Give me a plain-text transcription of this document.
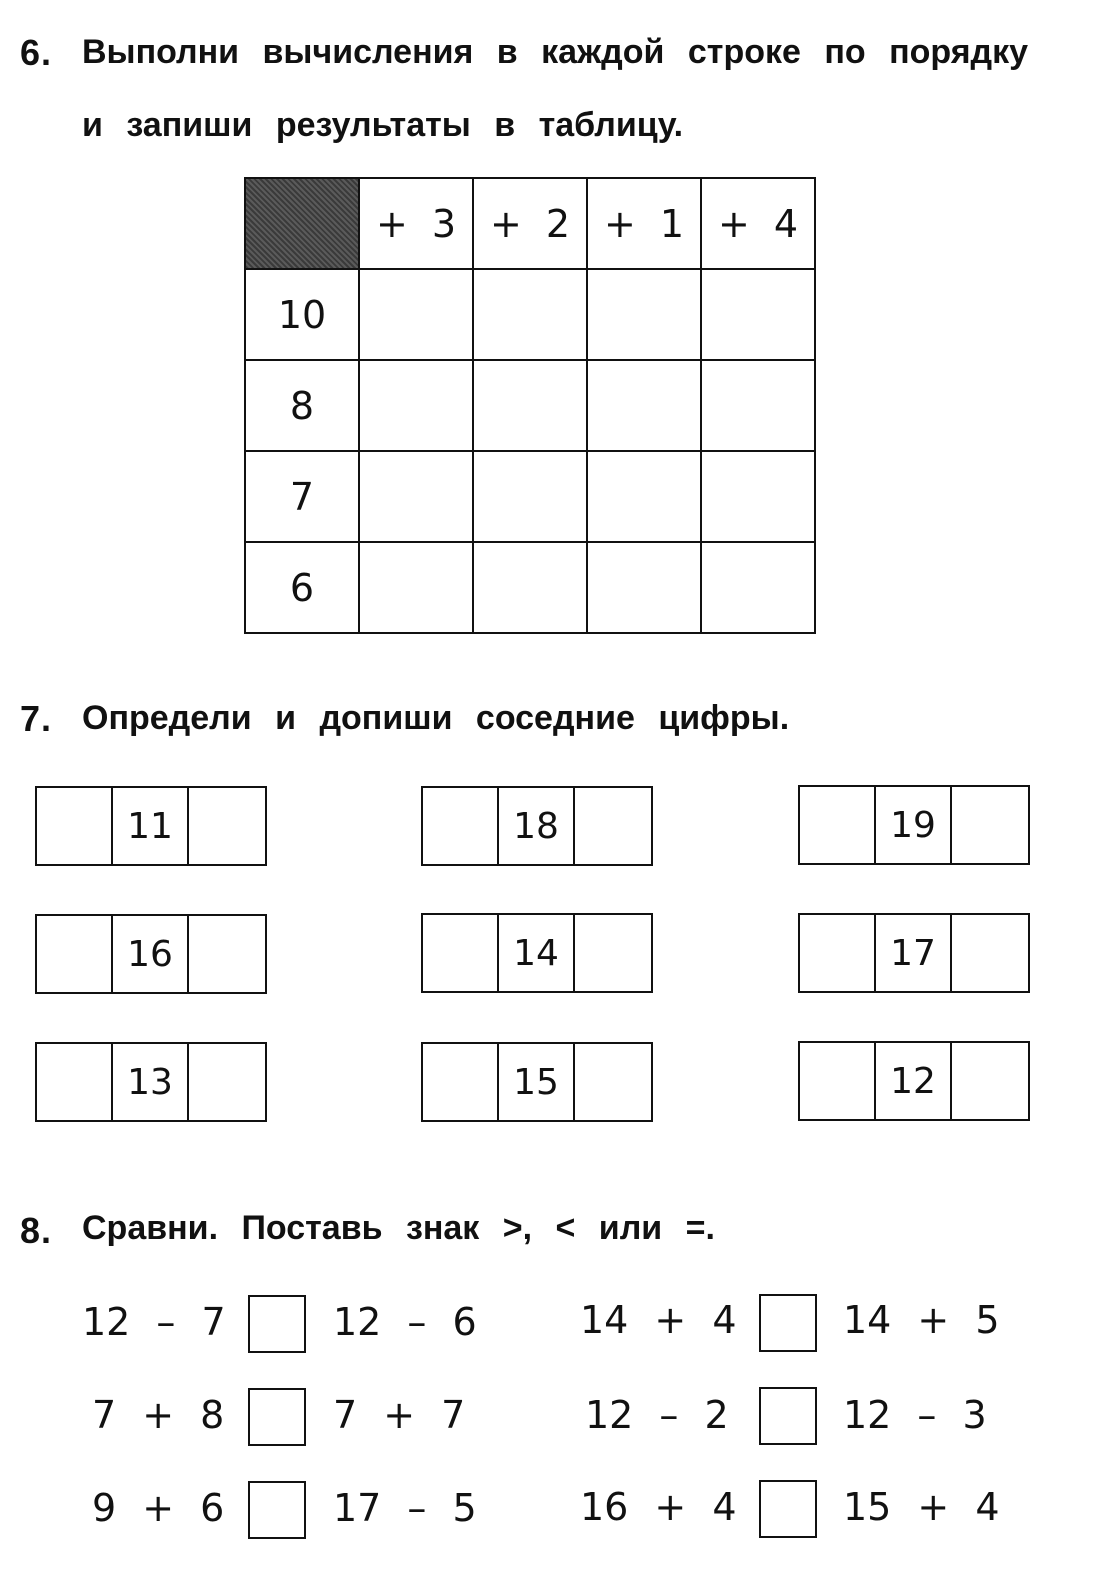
6. Выполни вычисления в каждой строке по порядку
и запиши результаты в таблицу.
	+ 3	+ 2	+ 1	+ 4
10				
8				
7				
6				
7. Определи и допиши соседние цифры.
11	18	19
16	14	17
13	15	12
8. Сравни. Поставь знак >, < или =.
12 – 7	12 – 6	14 + 4	14 + 5
7 + 8	7 + 7	12 – 2	12 – 3
9 + 6	17 – 5	16 + 4	15 + 4
